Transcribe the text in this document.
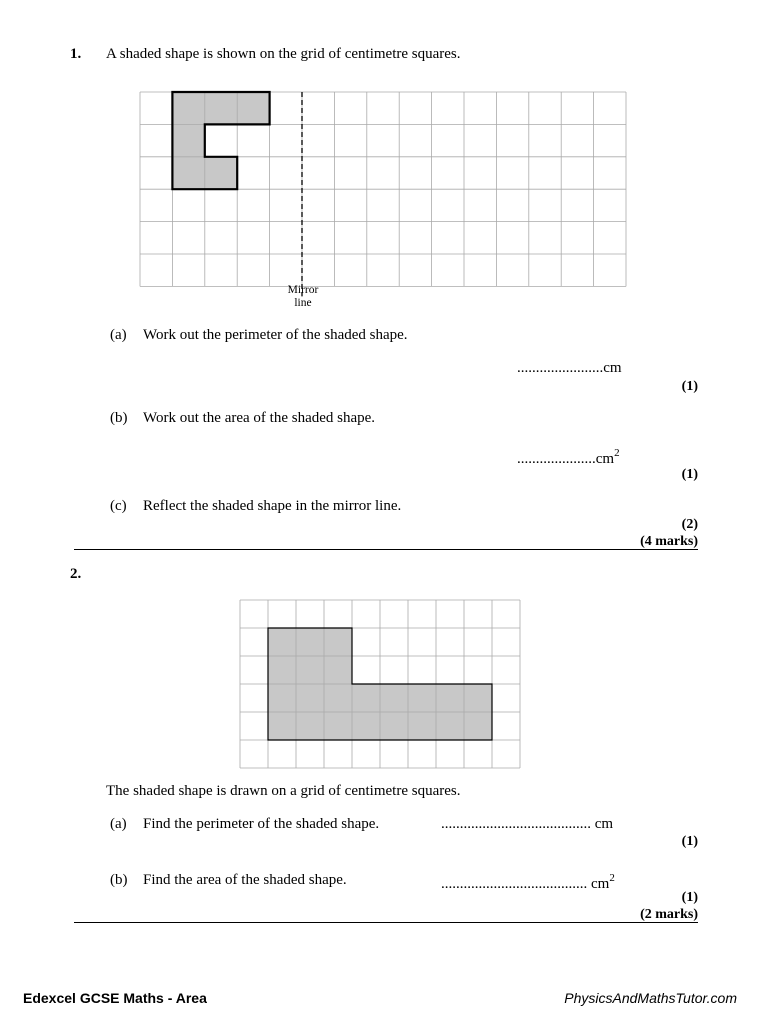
1. A shaded shape is shown on the grid of centimetre squares.
Mirror
line
(a) Work out the perimeter of the shaded shape.
.......................cm
(1)
(b) Work out the area of the shaded shape.
$.....................cm^2$
(1)
(c) Reflect the shaded shape in the mirror line.
(2)
(4 marks)
2.
The shaded shape is drawn on a grid of centimetre squares.
(a) Find the perimeter of the shaded shape.	........................................ cm
(1)
(b) Find the area of the shaded shape.	....................................... $cm^2$
(1)
(2 marks)
Edexcel GCSE Maths - Area	PhysicsAndMathsTutor.com
